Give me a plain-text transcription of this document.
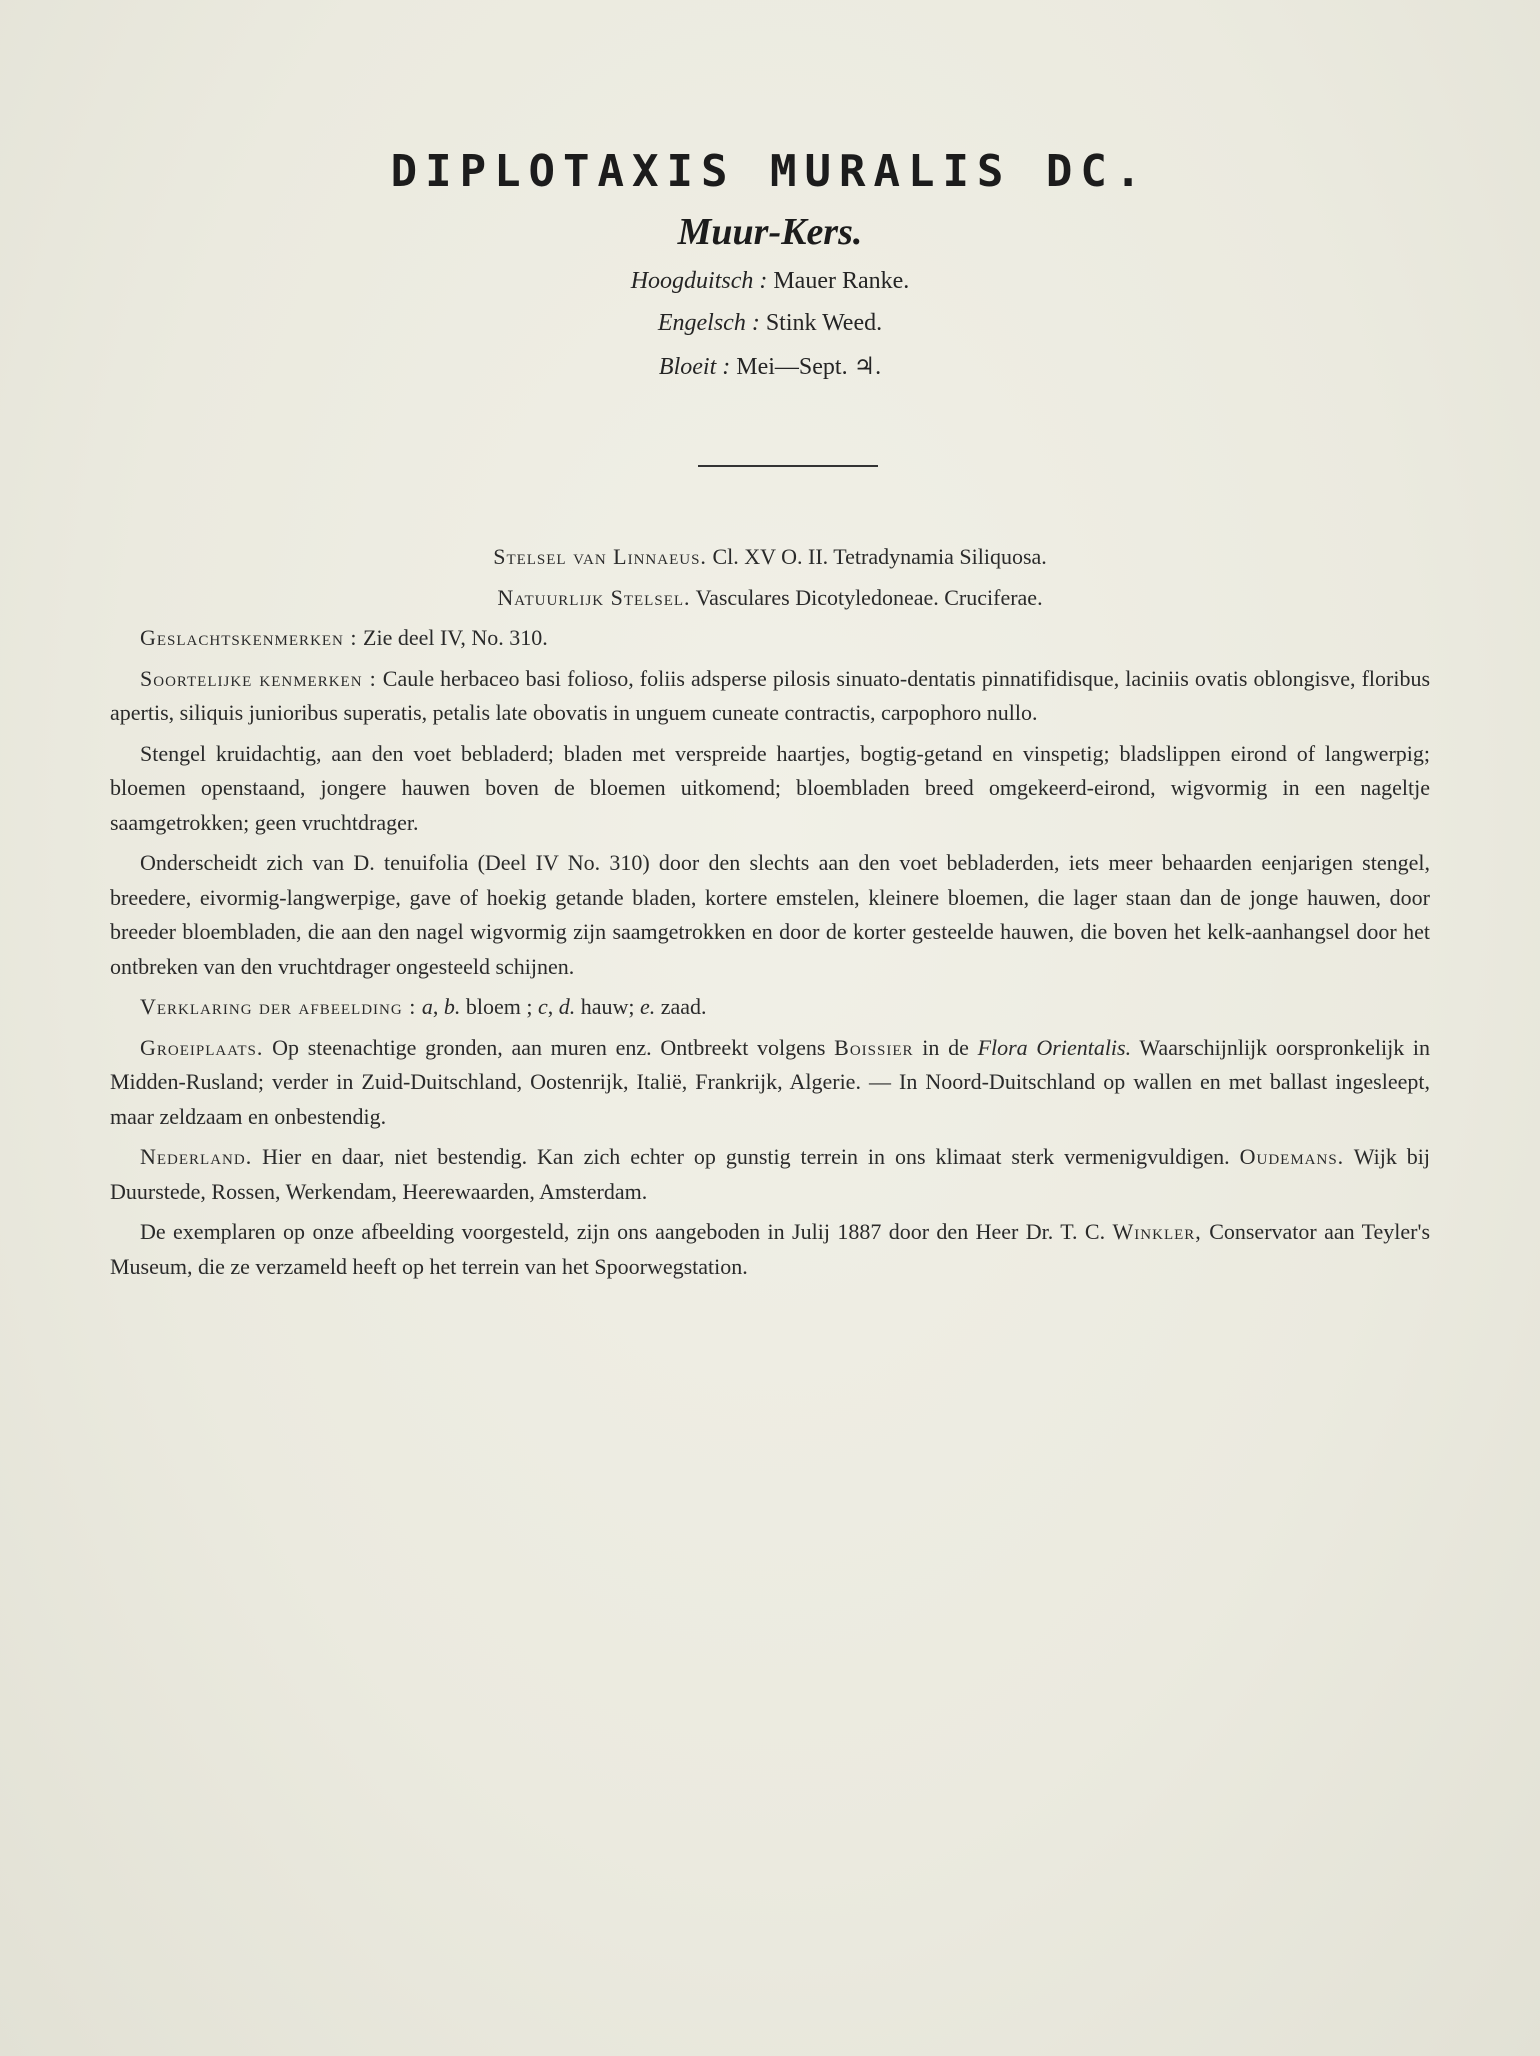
DIPLOTAXIS MURALIS DC.
Muur-Kers.
Hoogduitsch : Mauer Ranke.
Engelsch : Stink Weed.
Bloeit : Mei—Sept. ♃.

Stelsel van Linnaeus. Cl. XV O. II. Tetradynamia Siliquosa.

Natuurlijk Stelsel. Vasculares Dicotyledoneae. Cruciferae.

Geslachtskenmerken : Zie deel IV, No. 310.

Soortelijke kenmerken : Caule herbaceo basi folioso, foliis adsperse pilosis sinuato-dentatis pinnatifidisque, laciniis ovatis oblongisve, floribus apertis, siliquis junioribus superatis, petalis late obovatis in unguem cuneate contractis, carpophoro nullo.

Stengel kruidachtig, aan den voet bebladerd; bladen met verspreide haartjes, bogtig-getand en vinspetig; bladslippen eirond of langwerpig; bloemen openstaand, jongere hauwen boven de bloemen uitkomend; bloembladen breed omgekeerd-eirond, wigvormig in een nageltje saamgetrokken; geen vruchtdrager.

Onderscheidt zich van D. tenuifolia (Deel IV No. 310) door den slechts aan den voet bebladerden, iets meer behaarden eenjarigen stengel, breedere, eivormig-langwerpige, gave of hoekig getande bladen, kortere emstelen, kleinere bloemen, die lager staan dan de jonge hauwen, door breeder bloembladen, die aan den nagel wigvormig zijn saamgetrokken en door de korter gesteelde hauwen, die boven het kelk-aanhangsel door het ontbreken van den vruchtdrager ongesteeld schijnen.

Verklaring der afbeelding : a, b. bloem ; c, d. hauw; e. zaad.

Groeiplaats. Op steenachtige gronden, aan muren enz. Ontbreekt volgens Boissier in de Flora Orientalis. Waarschijnlijk oorspronkelijk in Midden-Rusland; verder in Zuid-Duitschland, Oostenrijk, Italië, Frankrijk, Algerie. — In Noord-Duitschland op wallen en met ballast ingesleept, maar zeldzaam en onbestendig.

Nederland. Hier en daar, niet bestendig. Kan zich echter op gunstig terrein in ons klimaat sterk vermenigvuldigen. Oudemans. Wijk bij Duurstede, Rossen, Werkendam, Heerewaarden, Amsterdam.

De exemplaren op onze afbeelding voorgesteld, zijn ons aangeboden in Julij 1887 door den Heer Dr. T. C. Winkler, Conservator aan Teyler's Museum, die ze verzameld heeft op het terrein van het Spoorwegstation.
